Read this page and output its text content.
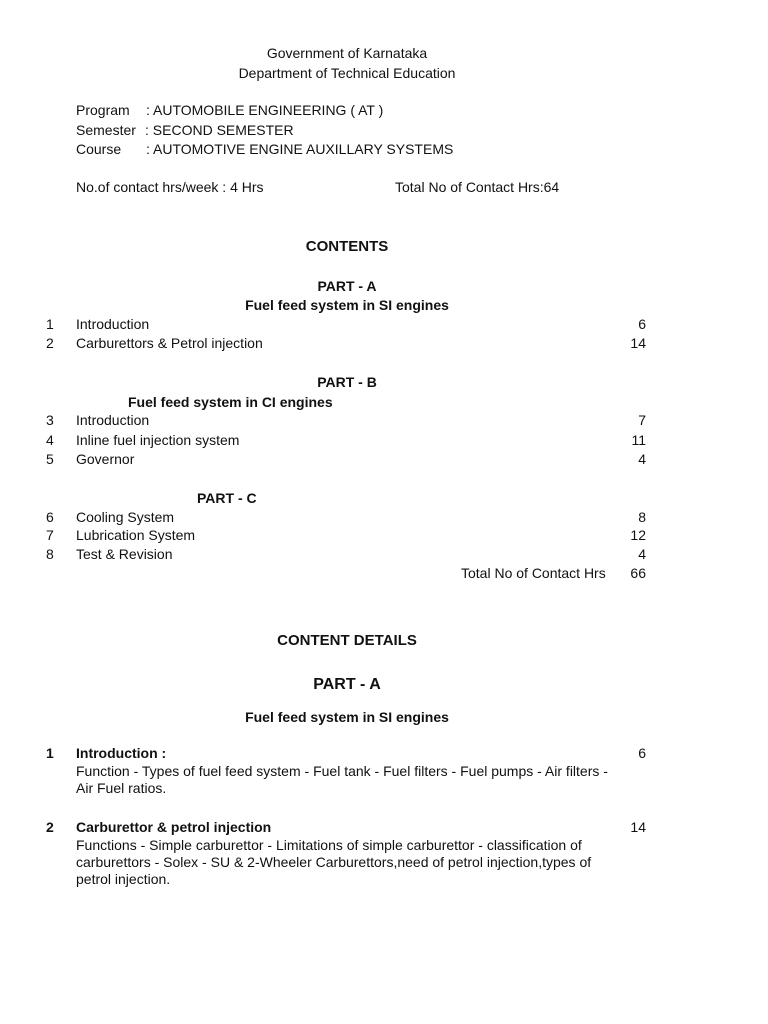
Government of Karnataka
Department of Technical Education
Program : AUTOMOBILE ENGINEERING ( AT )
Semester : SECOND SEMESTER
Course : AUTOMOTIVE ENGINE AUXILLARY SYSTEMS
No.of contact hrs/week : 4 Hrs	Total No of Contact Hrs:64
CONTENTS
PART - A
Fuel feed system in SI engines
1 Introduction	6
2 Carburettors & Petrol injection	14
PART - B
Fuel feed system in CI engines
3 Introduction	7
4 Inline fuel injection system	11
5 Governor	4
PART - C
6 Cooling System	8
7 Lubrication System	12
8 Test & Revision	4
Total No of Contact Hrs	66
CONTENT DETAILS
PART - A
Fuel feed system in SI engines
1 Introduction :	6
Function - Types of fuel feed system - Fuel tank - Fuel filters - Fuel pumps - Air filters - Air Fuel ratios.
2 Carburettor & petrol injection	14
Functions - Simple carburettor - Limitations of simple carburettor - classification of carburettors - Solex - SU & 2-Wheeler Carburettors,need of petrol injection,types of petrol injection.
